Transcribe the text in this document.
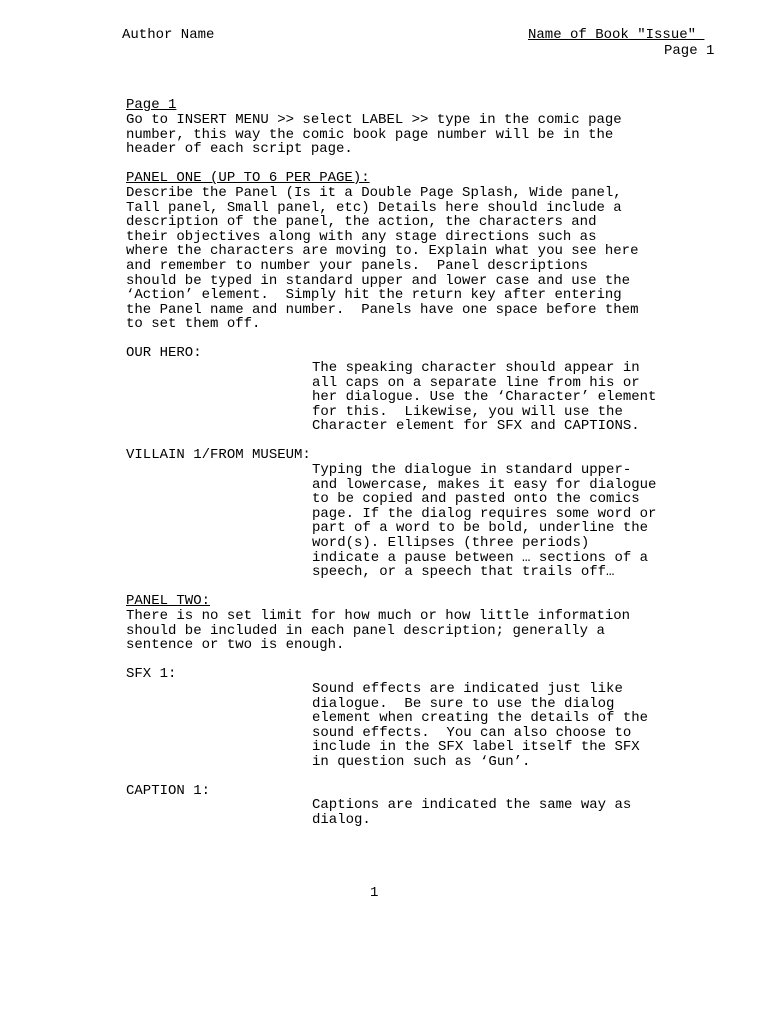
Author Name	Name of Book "Issue"
Page 1
Page 1
Go to INSERT MENU >> select LABEL >> type in the comic page
number, this way the comic book page number will be in the
header of each script page.
PANEL ONE (UP TO 6 PER PAGE):
Describe the Panel (Is it a Double Page Splash, Wide panel,
Tall panel, Small panel, etc) Details here should include a
description of the panel, the action, the characters and
their objectives along with any stage directions such as
where the characters are moving to. Explain what you see here
and remember to number your panels.  Panel descriptions
should be typed in standard upper and lower case and use the
‘Action’ element.  Simply hit the return key after entering
the Panel name and number.  Panels have one space before them
to set them off.
OUR HERO:
The speaking character should appear in
all caps on a separate line from his or
her dialogue. Use the ‘Character’ element
for this.  Likewise, you will use the
Character element for SFX and CAPTIONS.
VILLAIN 1/FROM MUSEUM:
Typing the dialogue in standard upper-
and lowercase, makes it easy for dialogue
to be copied and pasted onto the comics
page. If the dialog requires some word or
part of a word to be bold, underline the
word(s). Ellipses (three periods)
indicate a pause between … sections of a
speech, or a speech that trails off…
PANEL TWO:
There is no set limit for how much or how little information
should be included in each panel description; generally a
sentence or two is enough.
SFX 1:
Sound effects are indicated just like
dialogue.  Be sure to use the dialog
element when creating the details of the
sound effects.  You can also choose to
include in the SFX label itself the SFX
in question such as ‘Gun’.
CAPTION 1:
Captions are indicated the same way as
dialog.
1
